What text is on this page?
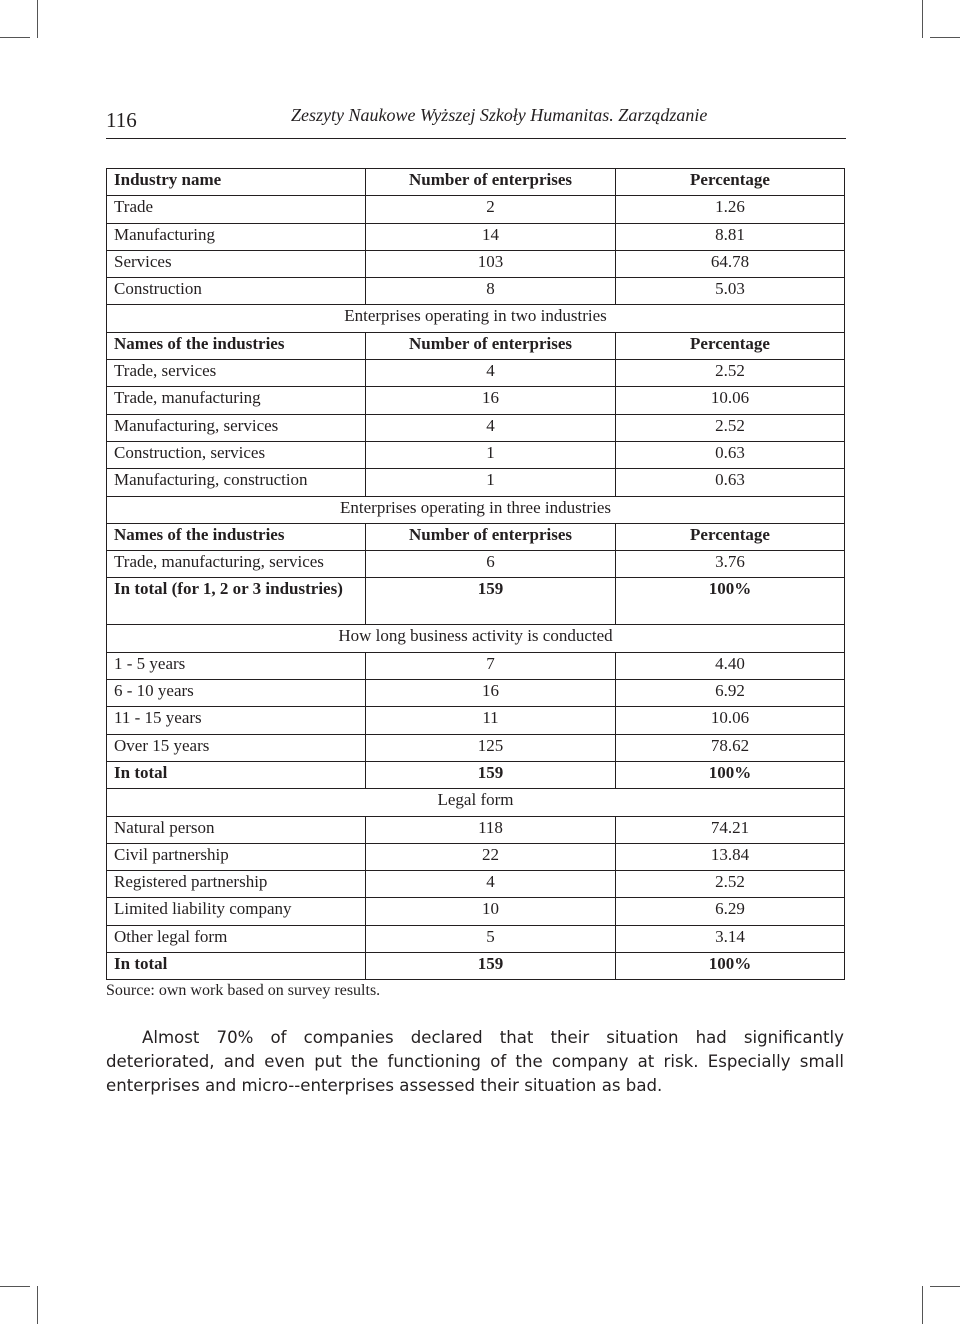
116	Zeszyty Naukowe Wyższej Szkoły Humanitas. Zarządzanie
Industry name	Number of enterprises	Percentage
Trade	2	1.26
Manufacturing	14	8.81
Services	103	64.78
Construction	8	5.03
Enterprises operating in two industries		
Names of the industries	Number of enterprises	Percentage
Trade, services	4	2.52
Trade, manufacturing	16	10.06
Manufacturing, services	4	2.52
Construction, services	1	0.63
Manufacturing, construction	1	0.63
Enterprises operating in three industries		
Names of the industries	Number of enterprises	Percentage
Trade, manufacturing, services	6	3.76
In total (for 1, 2 or 3 industries)	159	100%
How long business activity is conducted		
1 - 5 years	7	4.40
6 - 10 years	16	6.92
11 - 15 years	11	10.06
Over 15 years	125	78.62
In total	159	100%
Legal form		
Natural person	118	74.21
Civil partnership	22	13.84
Registered partnership	4	2.52
Limited liability company	10	6.29
Other legal form	5	3.14
In total	159	100%
Source: own work based on survey results.

Almost 70% of companies declared that their situation had significantly deteriorated, and even put the functioning of the company at risk. Especially small enterprises and micro--enterprises assessed their situation as bad.
